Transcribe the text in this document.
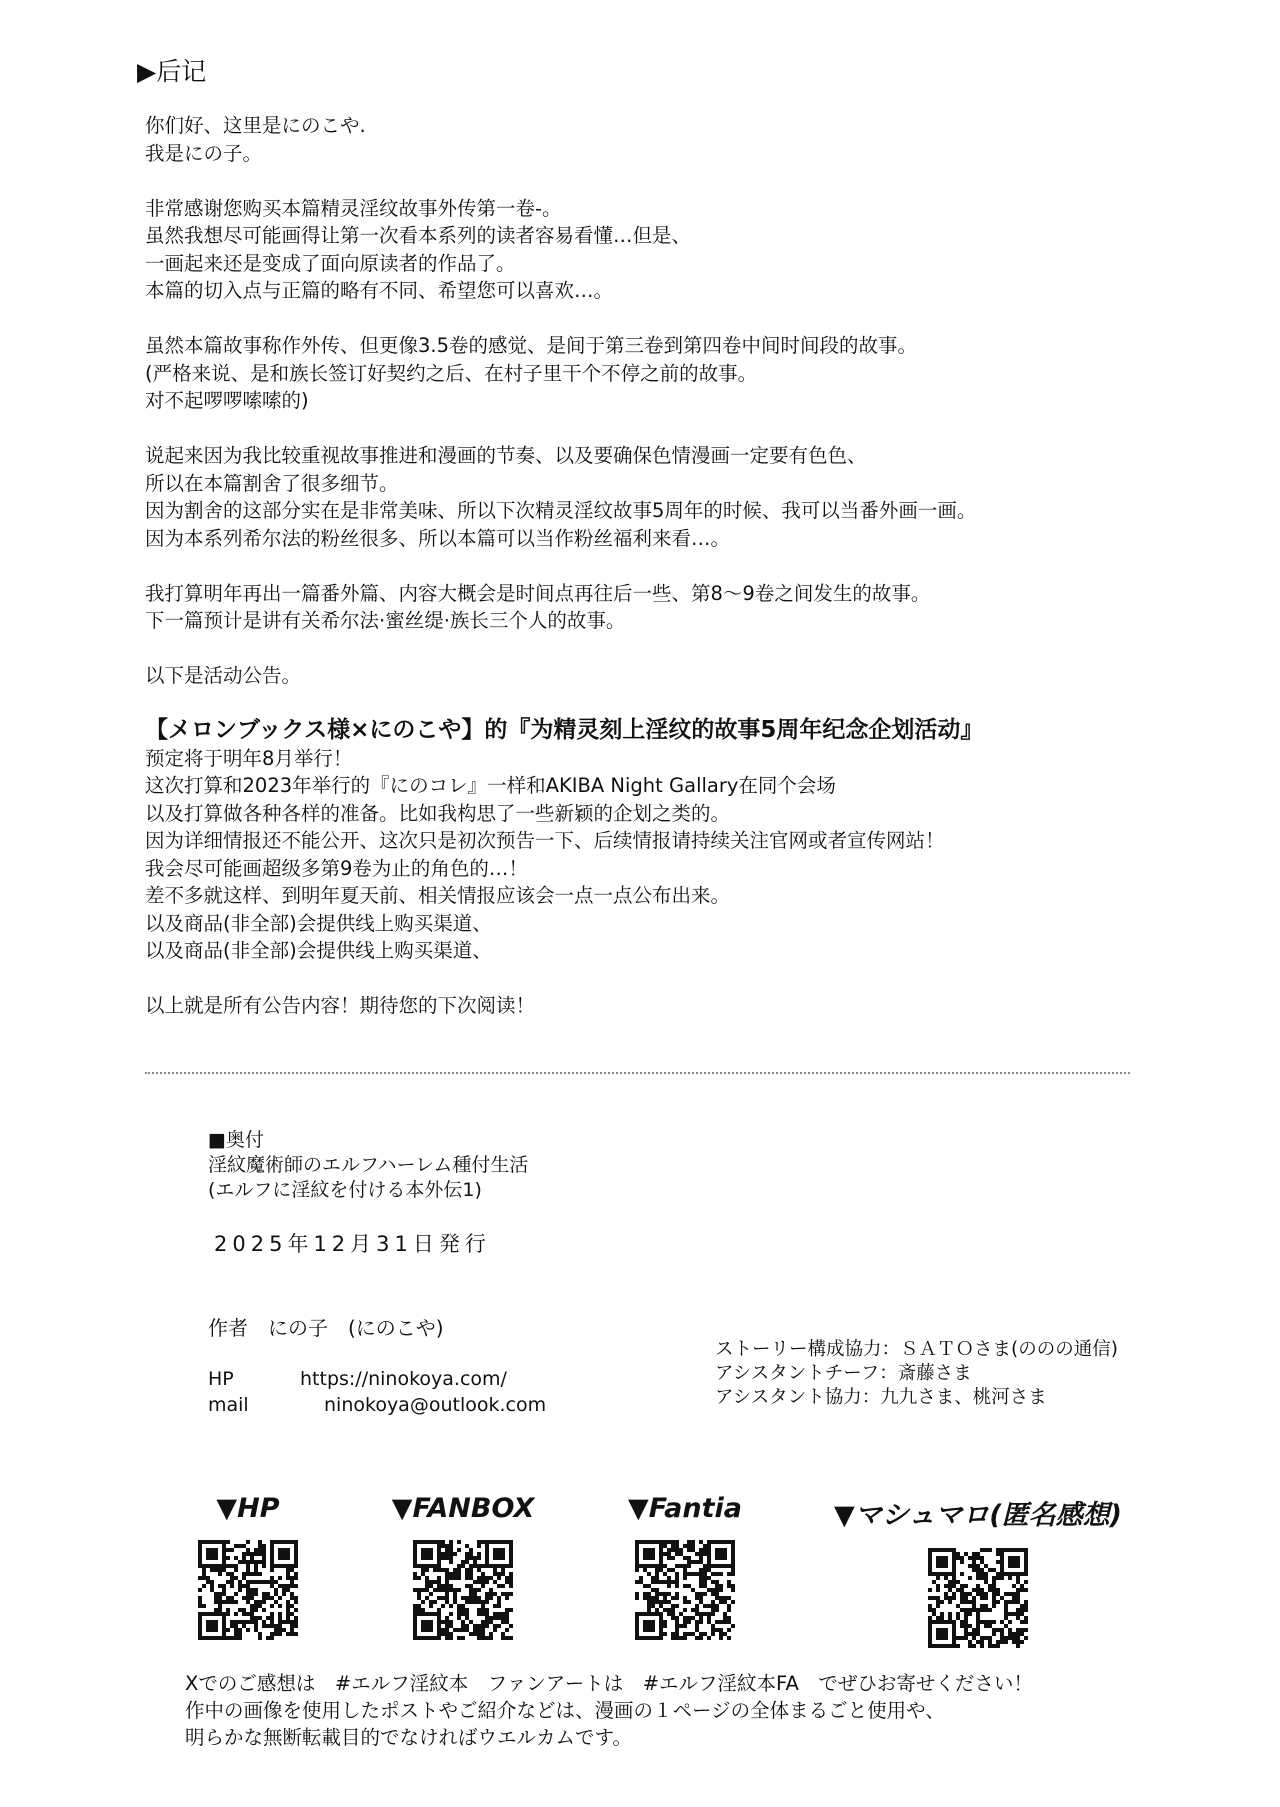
▶后记
你们好、这里是にのこや.
我是にの子。
非常感谢您购买本篇精灵淫纹故事外传第一卷-。
虽然我想尽可能画得让第一次看本系列的读者容易看懂…但是、
一画起来还是变成了面向原读者的作品了。
本篇的切入点与正篇的略有不同、希望您可以喜欢…。
虽然本篇故事称作外传、但更像3.5卷的感觉、是间于第三卷到第四卷中间时间段的故事。
(严格来说、是和族长签订好契约之后、在村子里干个不停之前的故事。
对不起啰啰嗦嗦的)
说起来因为我比较重视故事推进和漫画的节奏、以及要确保色情漫画一定要有色色、
所以在本篇割舍了很多细节。
因为割舍的这部分实在是非常美味、所以下次精灵淫纹故事5周年的时候、我可以当番外画一画。
因为本系列希尔法的粉丝很多、所以本篇可以当作粉丝福利来看…。
我打算明年再出一篇番外篇、内容大概会是时间点再往后一些、第8～9卷之间发生的故事。
下一篇预计是讲有关希尔法·蜜丝缇·族长三个人的故事。
以下是活动公告。
【メロンブックス様×にのこや】的『为精灵刻上淫纹的故事5周年纪念企划活动』
预定将于明年8月举行！
这次打算和2023年举行的『にのコレ』一样和AKIBA Night Gallary在同个会场
以及打算做各种各样的准备。比如我构思了一些新颖的企划之类的。
因为详细情报还不能公开、这次只是初次预告一下、后续情报请持续关注官网或者宣传网站！
我会尽可能画超级多第9卷为止的角色的…！
差不多就这样、到明年夏天前、相关情报应该会一点一点公布出来。
以及商品(非全部)会提供线上购买渠道、
以及商品(非全部)会提供线上购买渠道、
以上就是所有公告内容！期待您的下次阅读！
■奥付
淫紋魔術師のエルフハーレム種付生活
(エルフに淫紋を付ける本外伝1)
2025年12月31日発行
作者　にの子　(にのこや)
HP	https://ninokoya.com/
mail	ninokoya@outlook.com
ストーリー構成協力：ＳＡＴＯさま(ののの通信)
アシスタントチーフ：斎藤さま
アシスタント協力：九九さま、桃河さま
▼HP	▼FANBOX	▼Fantia	▼マシュマロ(匿名感想)
Xでのご感想は　#エルフ淫紋本　ファンアートは　#エルフ淫紋本FA　でぜひお寄せください！
作中の画像を使用したポストやご紹介などは、漫画の１ページの全体まるごと使用や、
明らかな無断転載目的でなければウエルカムです。
